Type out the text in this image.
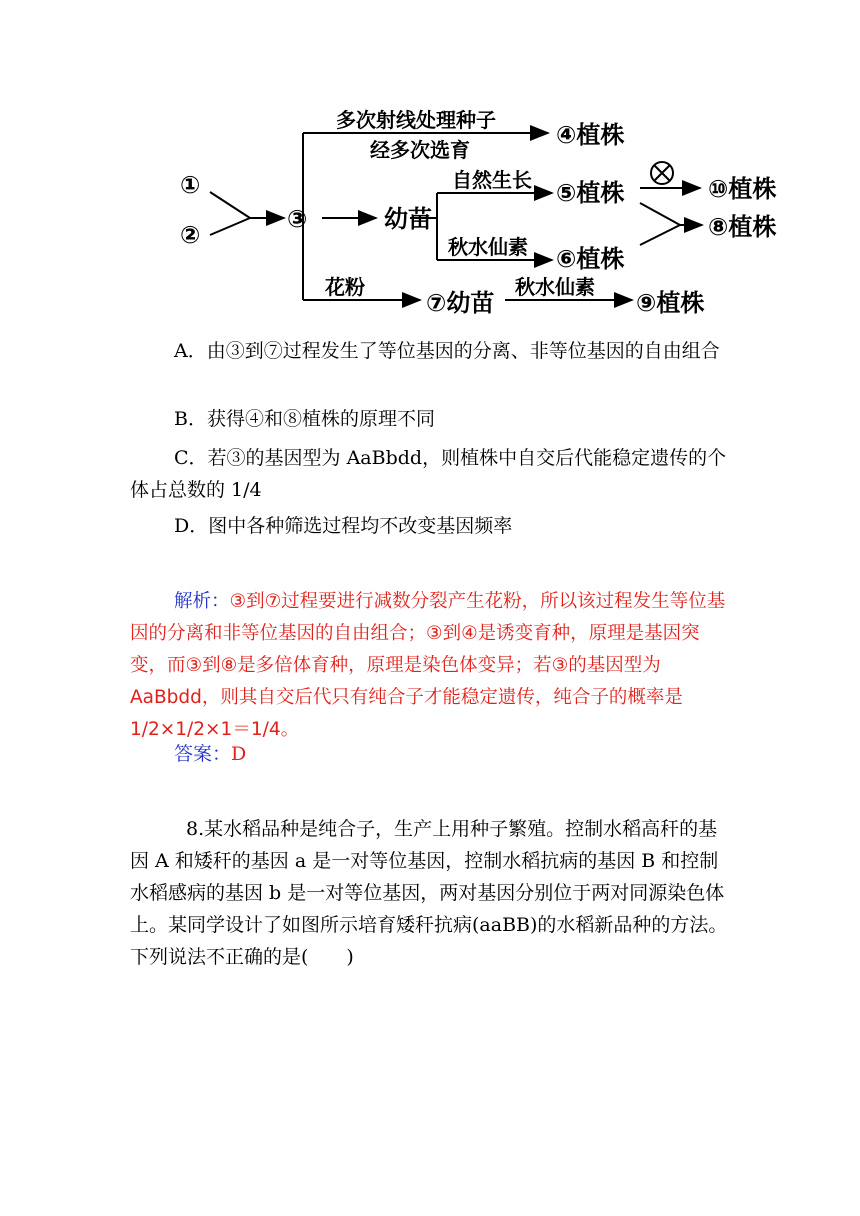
①
②
③	幼苗
④植株
⑤植株
⑥植株
⑩植株
⑧植株
⑦幼苗	⑨植株
多次射线处理种子
经多次选育
自然生长
秋水仙素
花粉	秋水仙素
A．由③到⑦过程发生了等位基因的分离、非等位基因的自由组合
B．获得④和⑧植株的原理不同
C．若③的基因型为 AaBbdd，则植株中自交后代能稳定遗传的个体占总数的 1/4
D．图中各种筛选过程均不改变基因频率
解析：③到⑦过程要进行减数分裂产生花粉，所以该过程发生等位基因的分离和非等位基因的自由组合；③到④是诱变育种，原理是基因突变，而③到⑧是多倍体育种，原理是染色体变异；若③的基因型为 AaBbdd，则其自交后代只有纯合子才能稳定遗传，纯合子的概率是 1/2×1/2×1＝1/4。
答案：D
8.某水稻品种是纯合子，生产上用种子繁殖。控制水稻高秆的基因 A 和矮秆的基因 a 是一对等位基因，控制水稻抗病的基因 B 和控制水稻感病的基因 b 是一对等位基因，两对基因分别位于两对同源染色体上。某同学设计了如图所示培育矮秆抗病(aaBB)的水稻新品种的方法。下列说法不正确的是(　　)
